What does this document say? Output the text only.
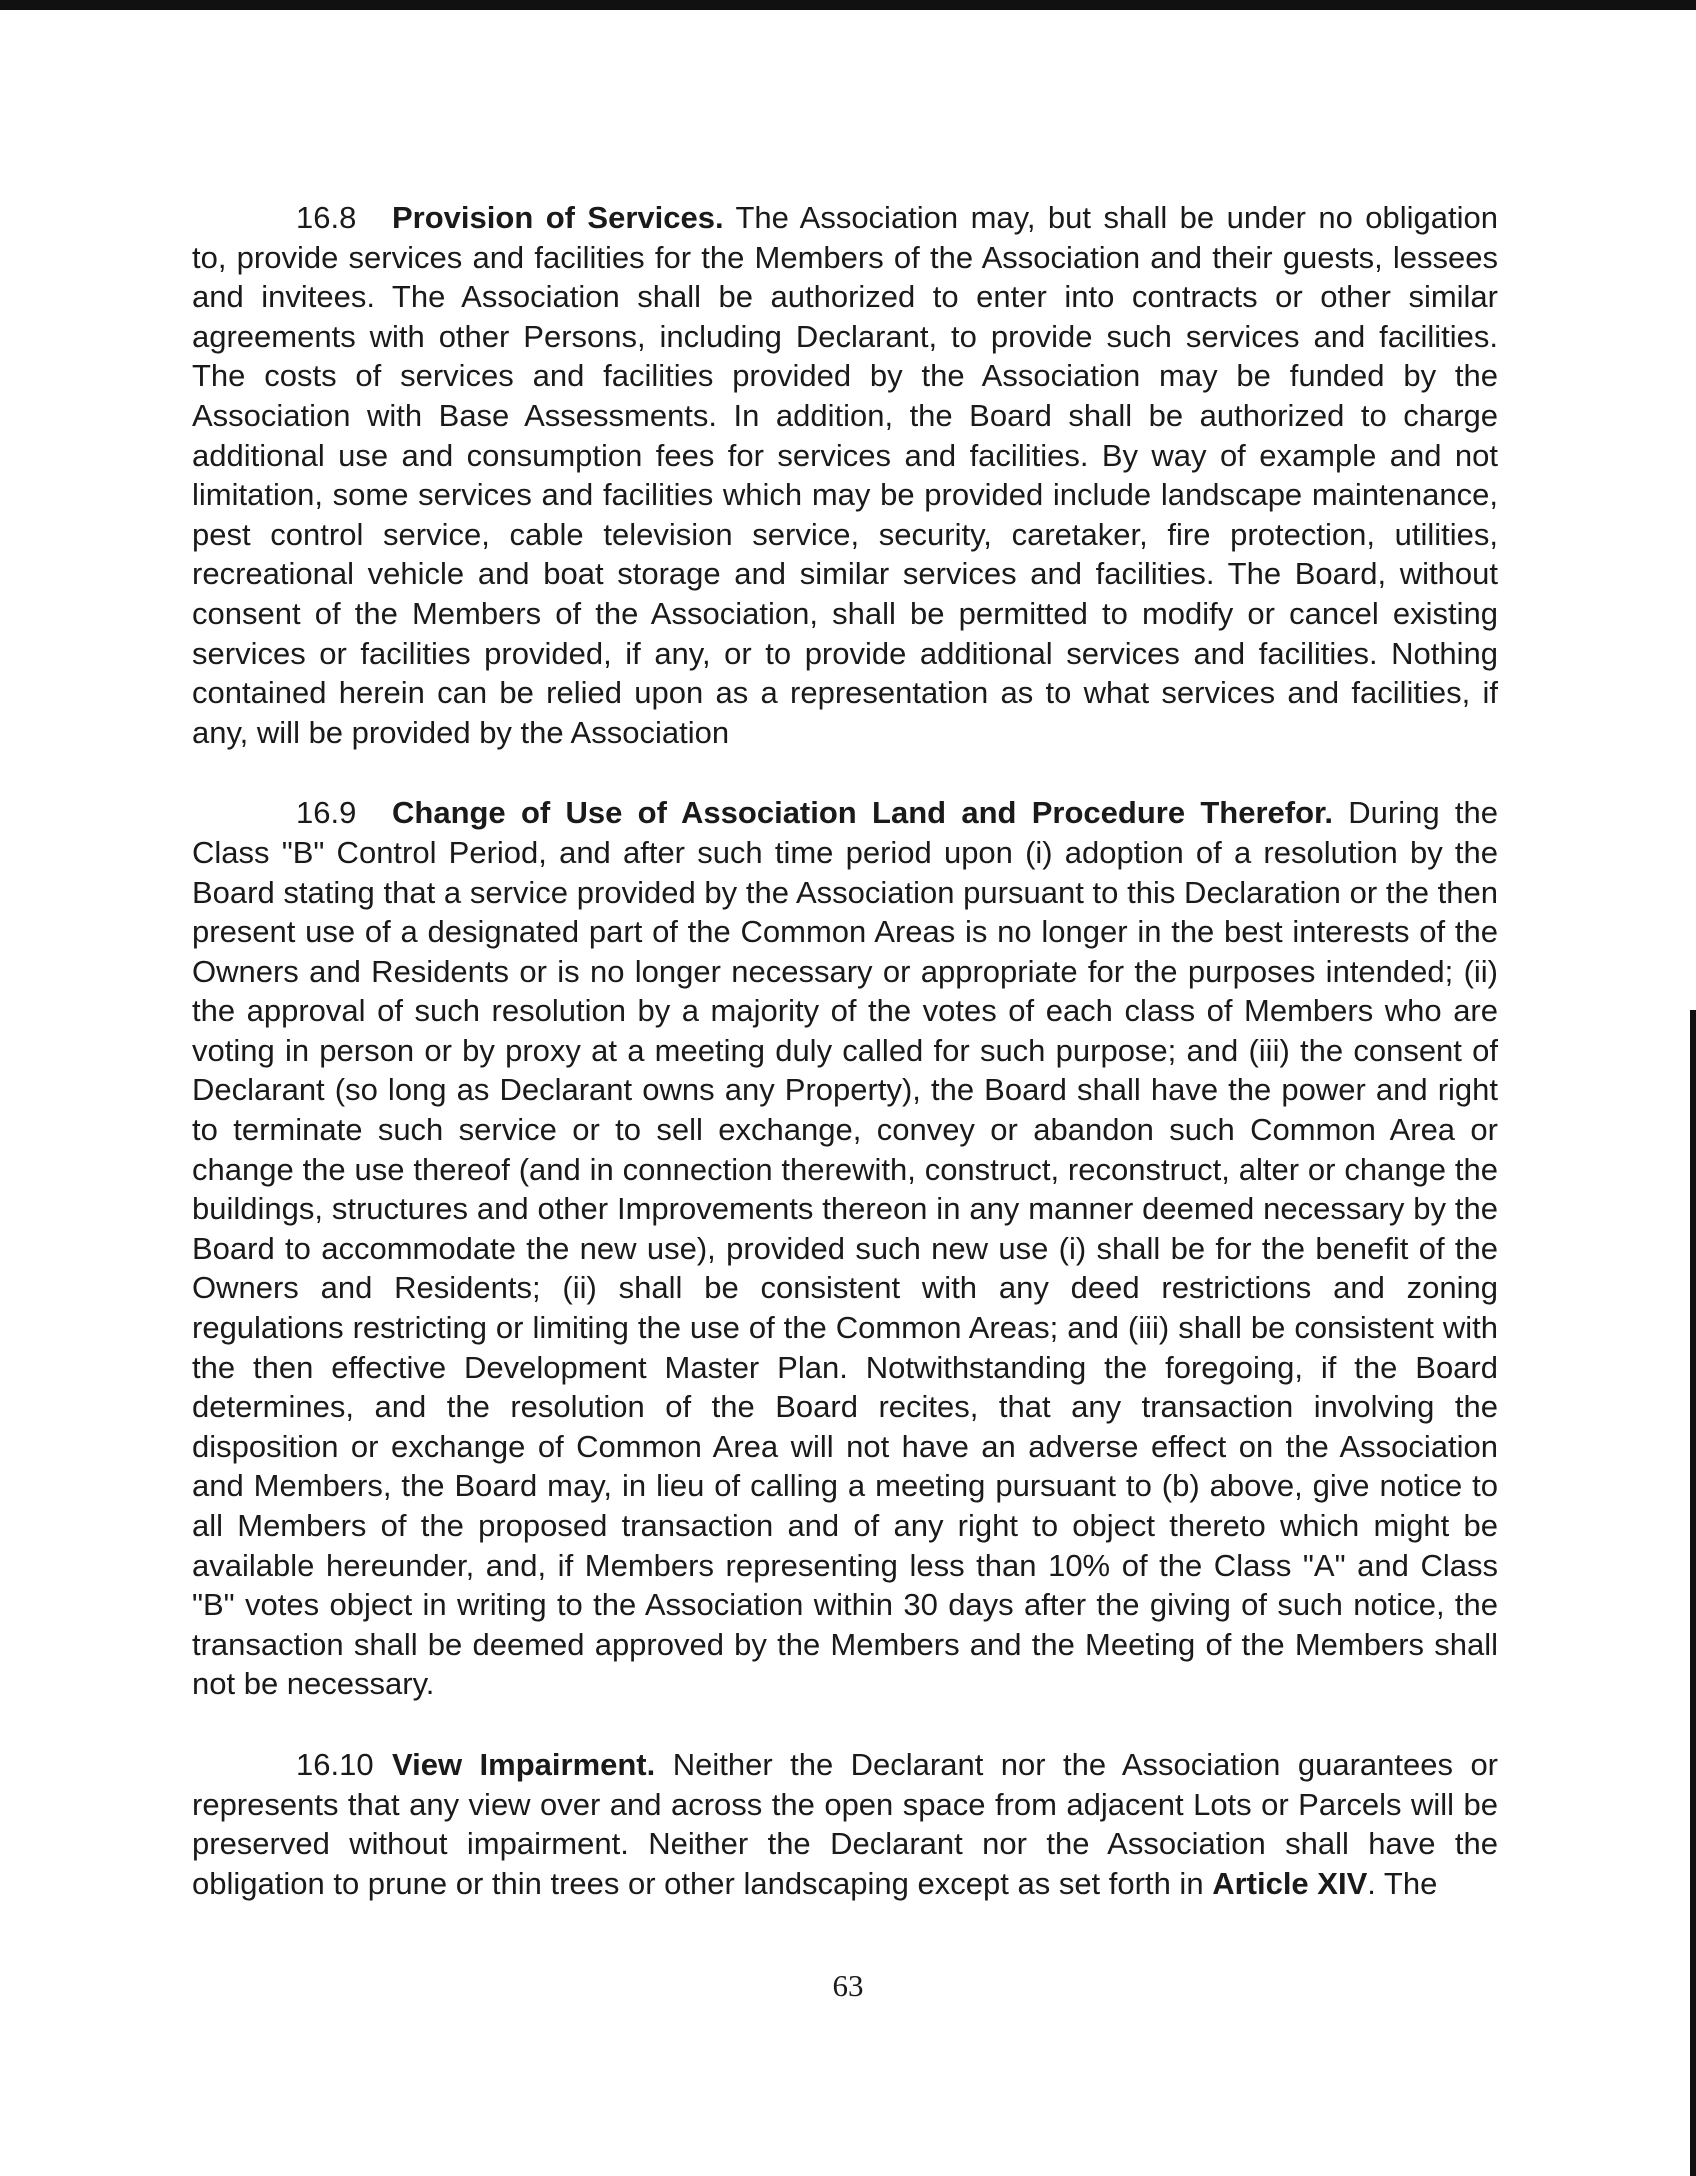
16.8 Provision of Services. The Association may, but shall be under no obligation to, provide services and facilities for the Members of the Association and their guests, lessees and invitees. The Association shall be authorized to enter into contracts or other similar agreements with other Persons, including Declarant, to provide such services and facilities. The costs of services and facilities provided by the Association may be funded by the Association with Base Assessments. In addition, the Board shall be authorized to charge additional use and consumption fees for services and facilities. By way of example and not limitation, some services and facilities which may be provided include landscape maintenance, pest control service, cable television service, security, caretaker, fire protection, utilities, recreational vehicle and boat storage and similar services and facilities. The Board, without consent of the Members of the Association, shall be permitted to modify or cancel existing services or facilities provided, if any, or to provide additional services and facilities. Nothing contained herein can be relied upon as a representation as to what services and facilities, if any, will be provided by the Association

16.9 Change of Use of Association Land and Procedure Therefor. During the Class "B" Control Period, and after such time period upon (i) adoption of a resolution by the Board stating that a service provided by the Association pursuant to this Declaration or the then present use of a designated part of the Common Areas is no longer in the best interests of the Owners and Residents or is no longer necessary or appropriate for the purposes intended; (ii) the approval of such resolution by a majority of the votes of each class of Members who are voting in person or by proxy at a meeting duly called for such purpose; and (iii) the consent of Declarant (so long as Declarant owns any Property), the Board shall have the power and right to terminate such service or to sell exchange, convey or abandon such Common Area or change the use thereof (and in connection therewith, construct, reconstruct, alter or change the buildings, structures and other Improvements thereon in any manner deemed necessary by the Board to accommodate the new use), provided such new use (i) shall be for the benefit of the Owners and Residents; (ii) shall be consistent with any deed restrictions and zoning regulations restricting or limiting the use of the Common Areas; and (iii) shall be consistent with the then effective Development Master Plan. Notwithstanding the foregoing, if the Board determines, and the resolution of the Board recites, that any transaction involving the disposition or exchange of Common Area will not have an adverse effect on the Association and Members, the Board may, in lieu of calling a meeting pursuant to (b) above, give notice to all Members of the proposed transaction and of any right to object thereto which might be available hereunder, and, if Members representing less than 10% of the Class "A" and Class "B" votes object in writing to the Association within 30 days after the giving of such notice, the transaction shall be deemed approved by the Members and the Meeting of the Members shall not be necessary.

16.10 View Impairment. Neither the Declarant nor the Association guarantees or represents that any view over and across the open space from adjacent Lots or Parcels will be preserved without impairment. Neither the Declarant nor the Association shall have the obligation to prune or thin trees or other landscaping except as set forth in Article XIV. The

63
